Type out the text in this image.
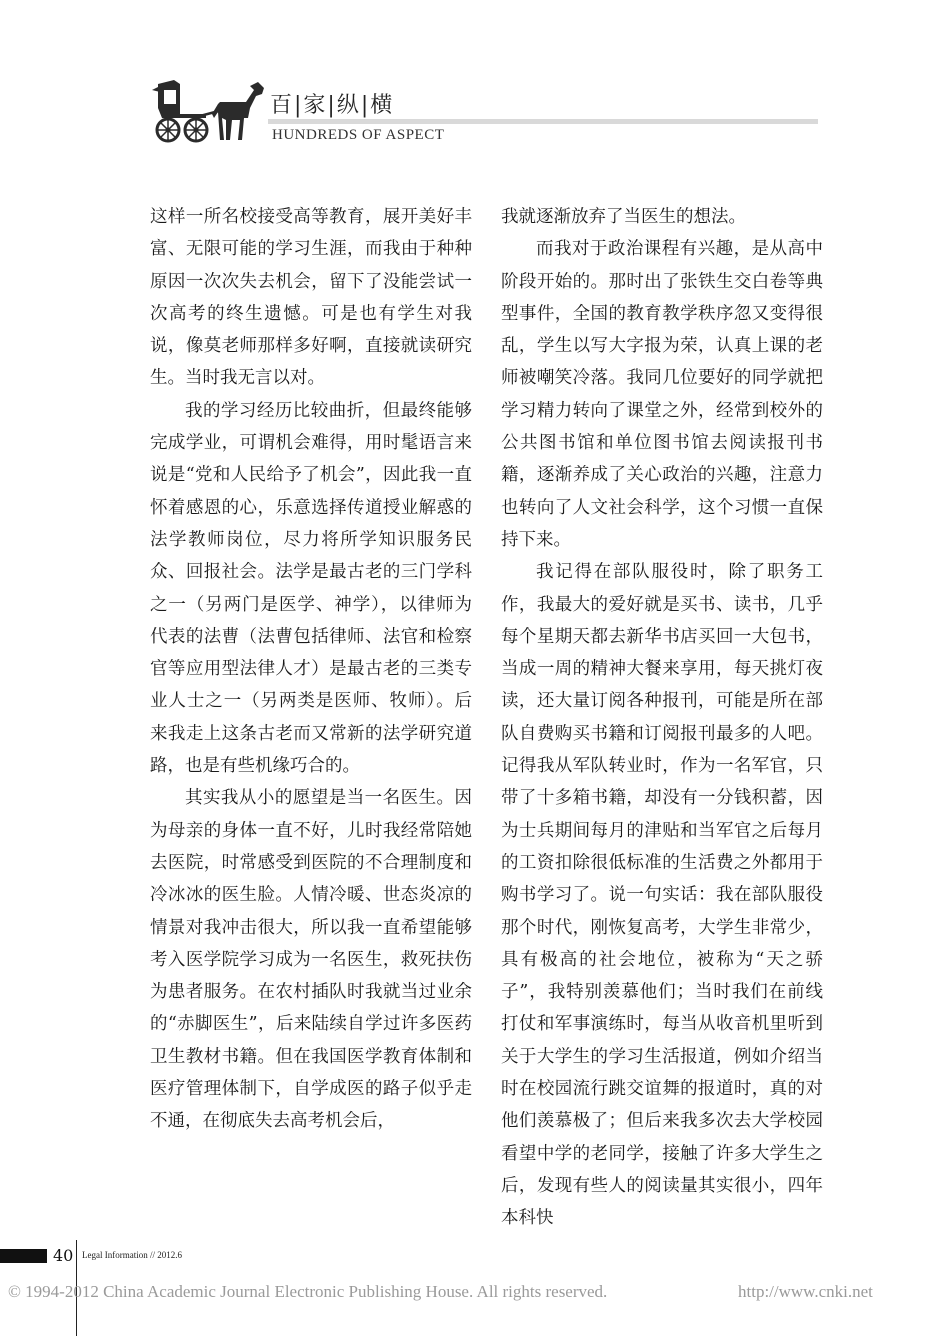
百|家|纵|横
HUNDREDS OF ASPECT

这样一所名校接受高等教育，展开美好丰富、无限可能的学习生涯，而我由于种种原因一次次失去机会，留下了没能尝试一次高考的终生遗憾。可是也有学生对我说，像莫老师那样多好啊，直接就读研究生。当时我无言以对。

我的学习经历比较曲折，但最终能够完成学业，可谓机会难得，用时髦语言来说是“党和人民给予了机会”，因此我一直怀着感恩的心，乐意选择传道授业解惑的法学教师岗位，尽力将所学知识服务民众、回报社会。法学是最古老的三门学科之一（另两门是医学、神学），以律师为代表的法曹（法曹包括律师、法官和检察官等应用型法律人才）是最古老的三类专业人士之一（另两类是医师、牧师）。后来我走上这条古老而又常新的法学研究道路，也是有些机缘巧合的。

其实我从小的愿望是当一名医生。因为母亲的身体一直不好，儿时我经常陪她去医院，时常感受到医院的不合理制度和冷冰冰的医生脸。人情冷暖、世态炎凉的情景对我冲击很大，所以我一直希望能够考入医学院学习成为一名医生，救死扶伤为患者服务。在农村插队时我就当过业余的“赤脚医生”，后来陆续自学过许多医药卫生教材书籍。但在我国医学教育体制和医疗管理体制下，自学成医的路子似乎走不通，在彻底失去高考机会后，

我就逐渐放弃了当医生的想法。

而我对于政治课程有兴趣，是从高中阶段开始的。那时出了张铁生交白卷等典型事件，全国的教育教学秩序忽又变得很乱，学生以写大字报为荣，认真上课的老师被嘲笑冷落。我同几位要好的同学就把学习精力转向了课堂之外，经常到校外的公共图书馆和单位图书馆去阅读报刊书籍，逐渐养成了关心政治的兴趣，注意力也转向了人文社会科学，这个习惯一直保持下来。

我记得在部队服役时，除了职务工作，我最大的爱好就是买书、读书，几乎每个星期天都去新华书店买回一大包书，当成一周的精神大餐来享用，每天挑灯夜读，还大量订阅各种报刊，可能是所在部队自费购买书籍和订阅报刊最多的人吧。记得我从军队转业时，作为一名军官，只带了十多箱书籍，却没有一分钱积蓄，因为士兵期间每月的津贴和当军官之后每月的工资扣除很低标准的生活费之外都用于购书学习了。说一句实话：我在部队服役那个时代，刚恢复高考，大学生非常少，具有极高的社会地位，被称为“天之骄子”，我特别羡慕他们；当时我们在前线打仗和军事演练时，每当从收音机里听到关于大学生的学习生活报道，例如介绍当时在校园流行跳交谊舞的报道时，真的对他们羡慕极了；但后来我多次去大学校园看望中学的老同学，接触了许多大学生之后，发现有些人的阅读量其实很小，四年本科快

40 Legal Information // 2012.6
© 1994-2012 China Academic Journal Electronic Publishing House. All rights reserved.	http://www.cnki.net
